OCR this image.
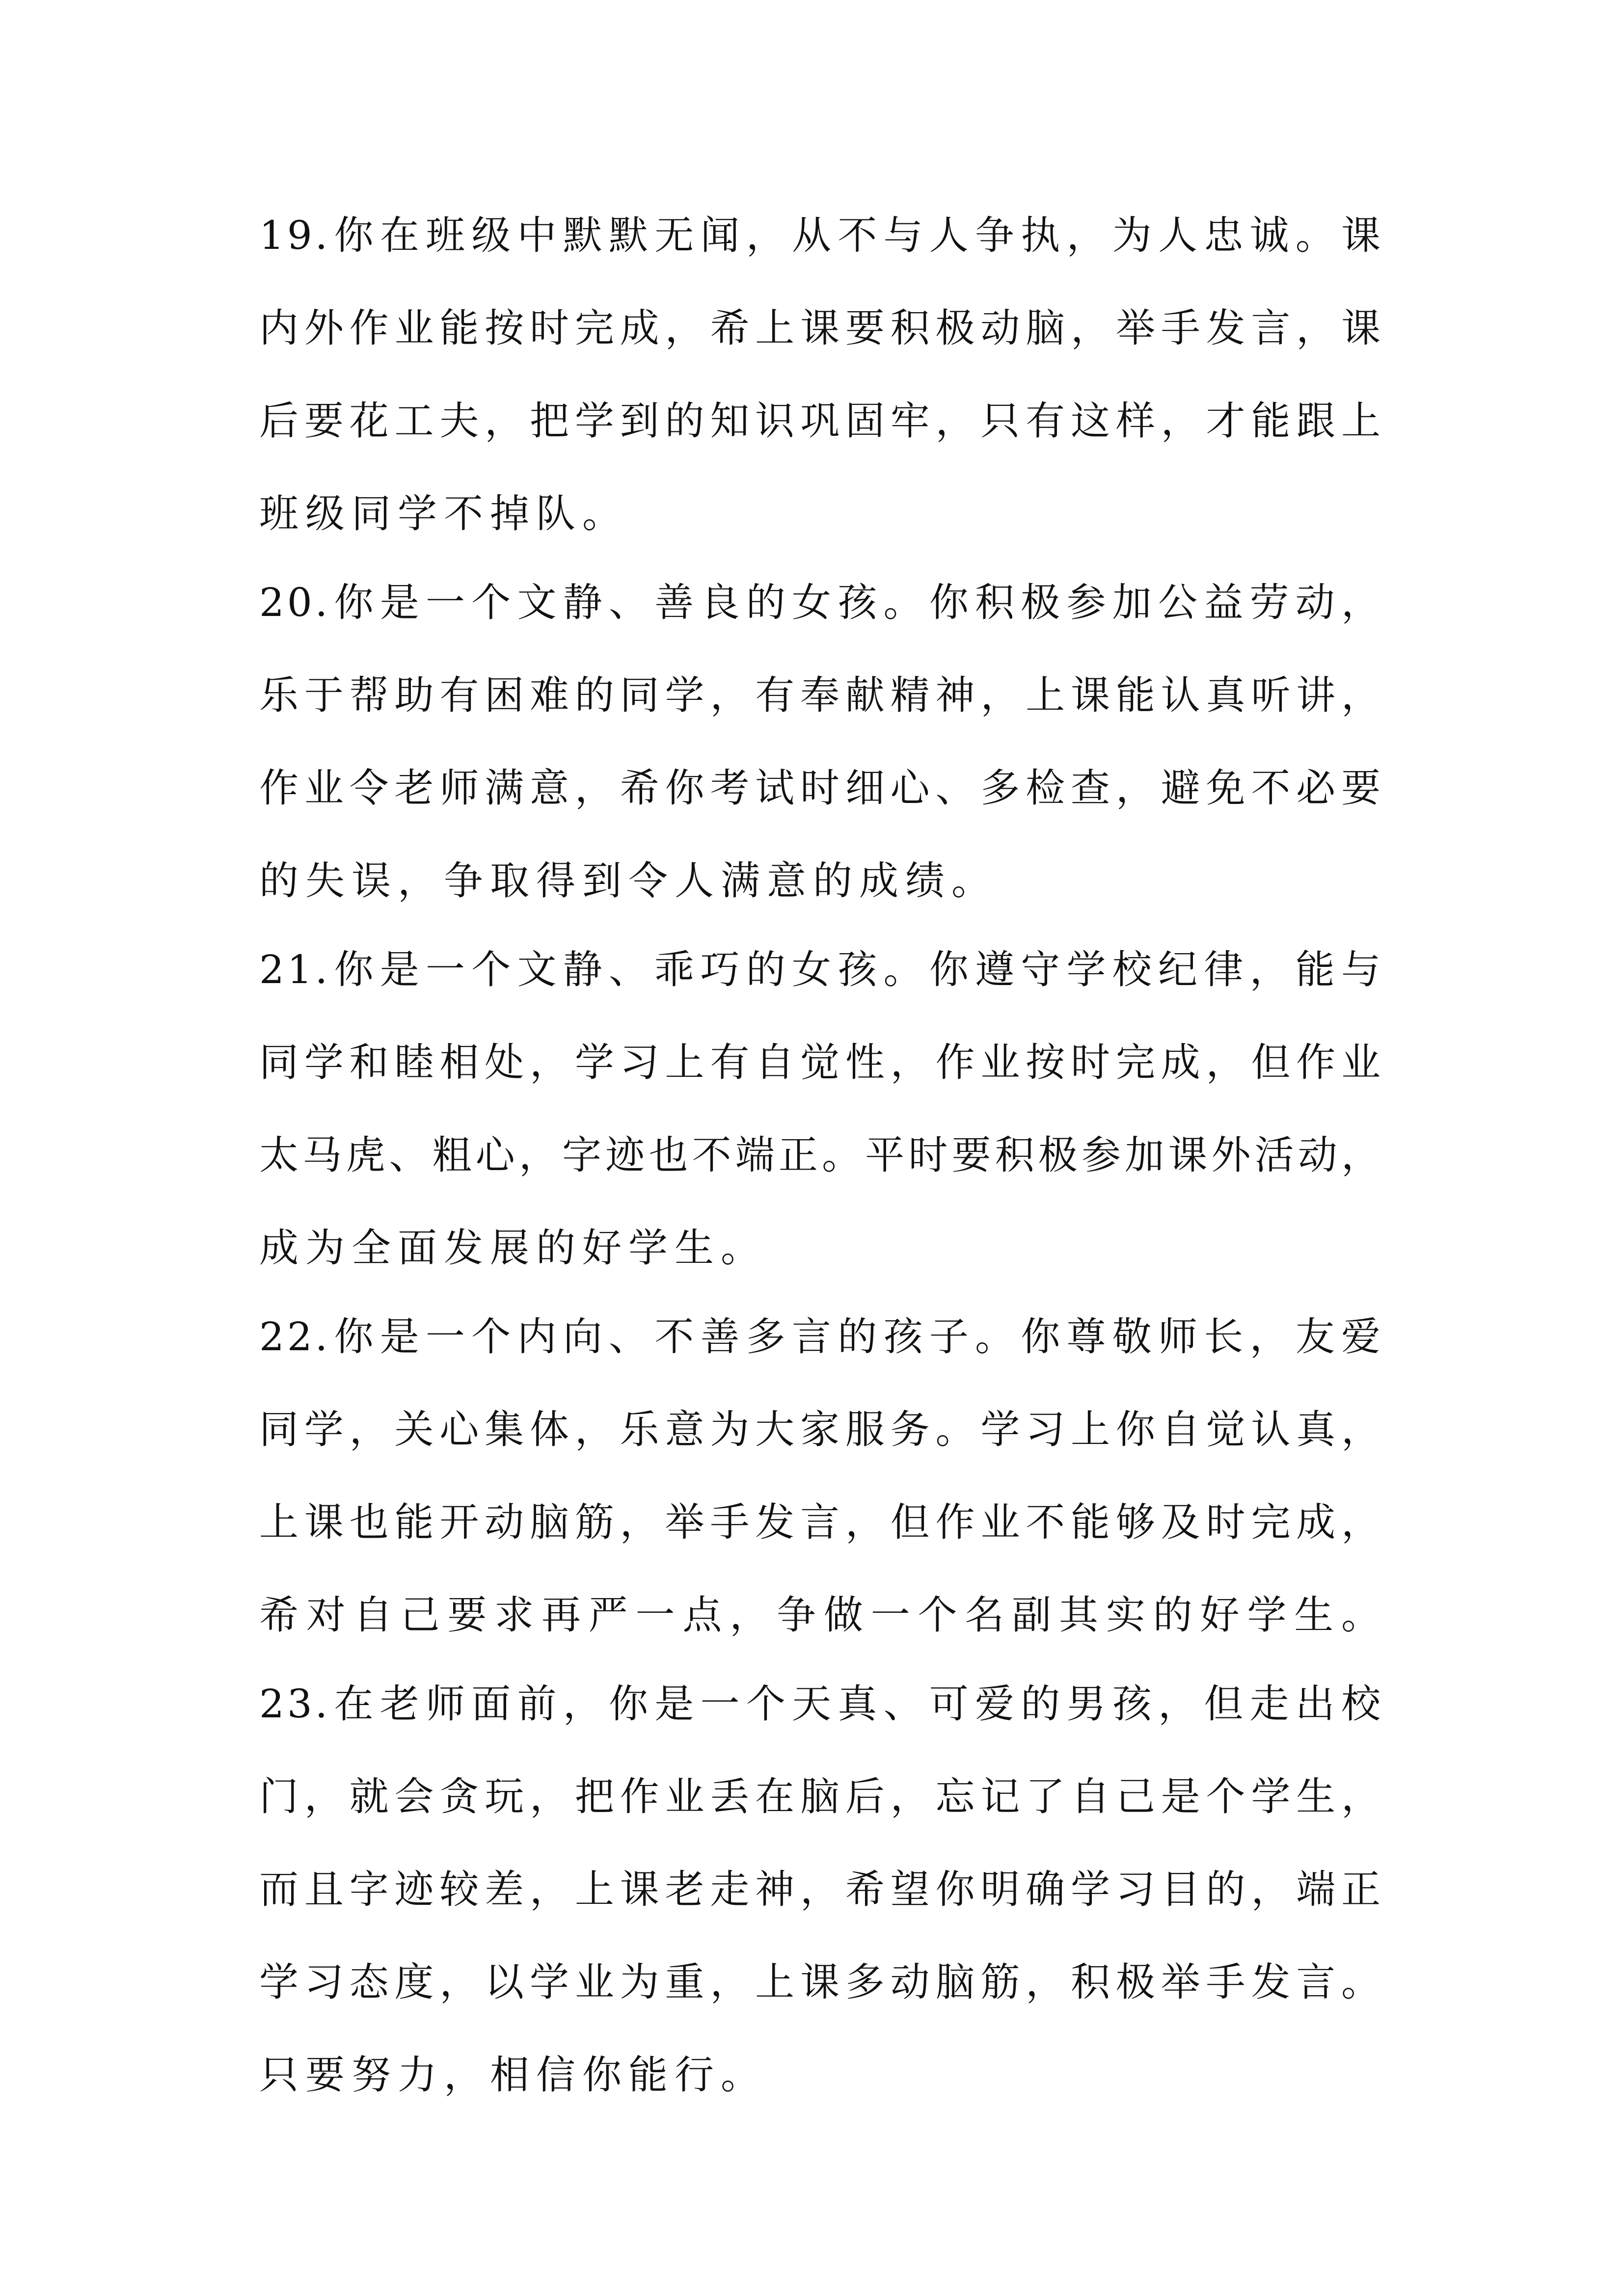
19.你在班级中默默无闻，从不与人争执，为人忠诚。课
内外作业能按时完成，希上课要积极动脑，举手发言，课
后要花工夫，把学到的知识巩固牢，只有这样，才能跟上
班级同学不掉队。
20.你是一个文静、善良的女孩。你积极参加公益劳动，
乐于帮助有困难的同学，有奉献精神，上课能认真听讲，
作业令老师满意，希你考试时细心、多检查，避免不必要
的失误，争取得到令人满意的成绩。
21.你是一个文静、乖巧的女孩。你遵守学校纪律，能与
同学和睦相处，学习上有自觉性，作业按时完成，但作业
太马虎、粗心，字迹也不端正。平时要积极参加课外活动，
成为全面发展的好学生。
22.你是一个内向、不善多言的孩子。你尊敬师长，友爱
同学，关心集体，乐意为大家服务。学习上你自觉认真，
上课也能开动脑筋，举手发言，但作业不能够及时完成，
希对自己要求再严一点，争做一个名副其实的好学生。
23.在老师面前，你是一个天真、可爱的男孩，但走出校
门，就会贪玩，把作业丢在脑后，忘记了自己是个学生，
而且字迹较差，上课老走神，希望你明确学习目的，端正
学习态度，以学业为重，上课多动脑筋，积极举手发言。
只要努力，相信你能行。
